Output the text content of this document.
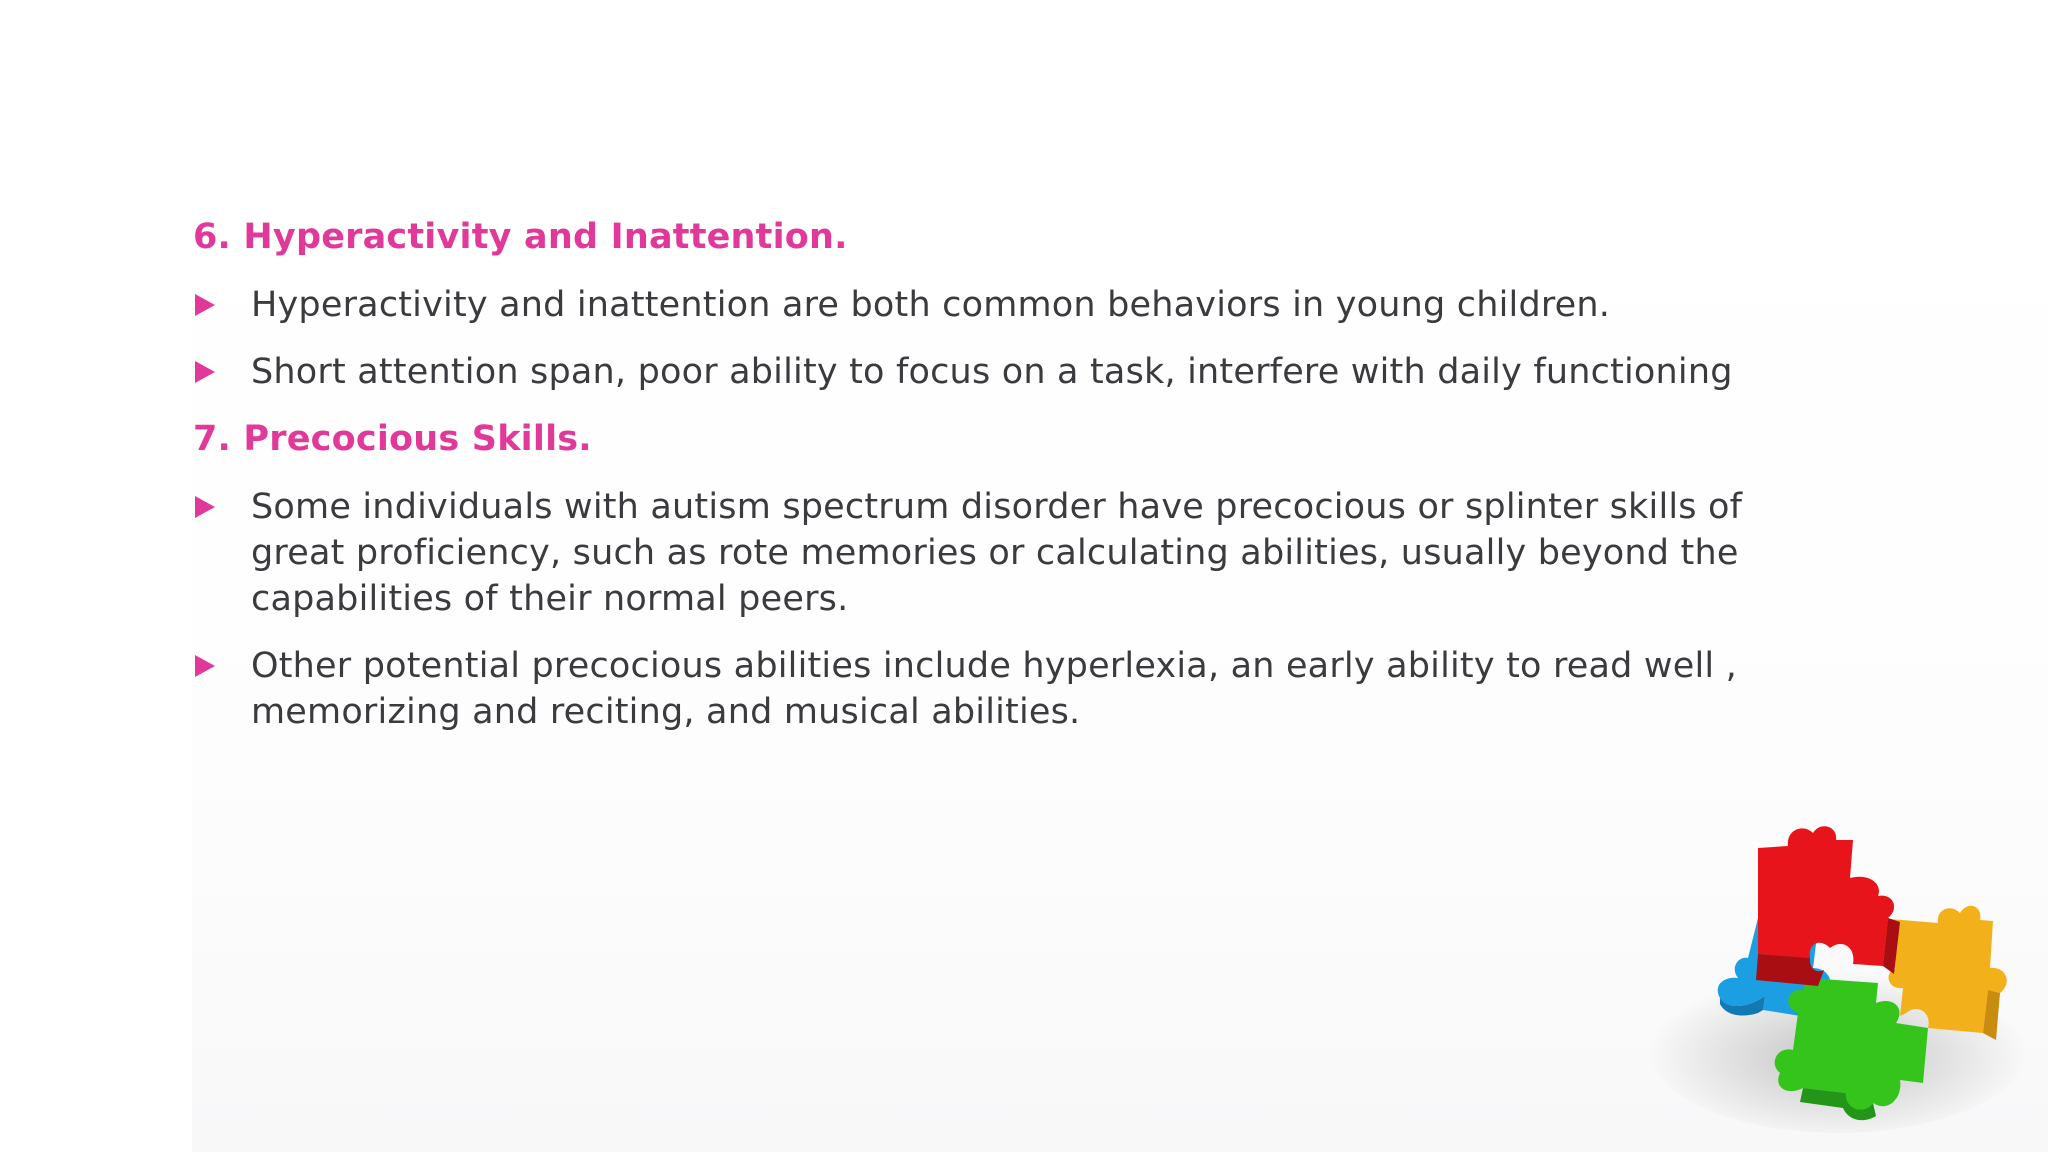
6. Hyperactivity and Inattention.
Hyperactivity and inattention are both common behaviors in young children.
Short attention span, poor ability to focus on a task, interfere with daily functioning
7. Precocious Skills.
Some individuals with autism spectrum disorder have precocious or splinter skills of great proficiency, such as rote memories or calculating abilities, usually beyond the capabilities of their normal peers.
Other potential precocious abilities include hyperlexia, an early ability to read well , memorizing and reciting, and musical abilities.
